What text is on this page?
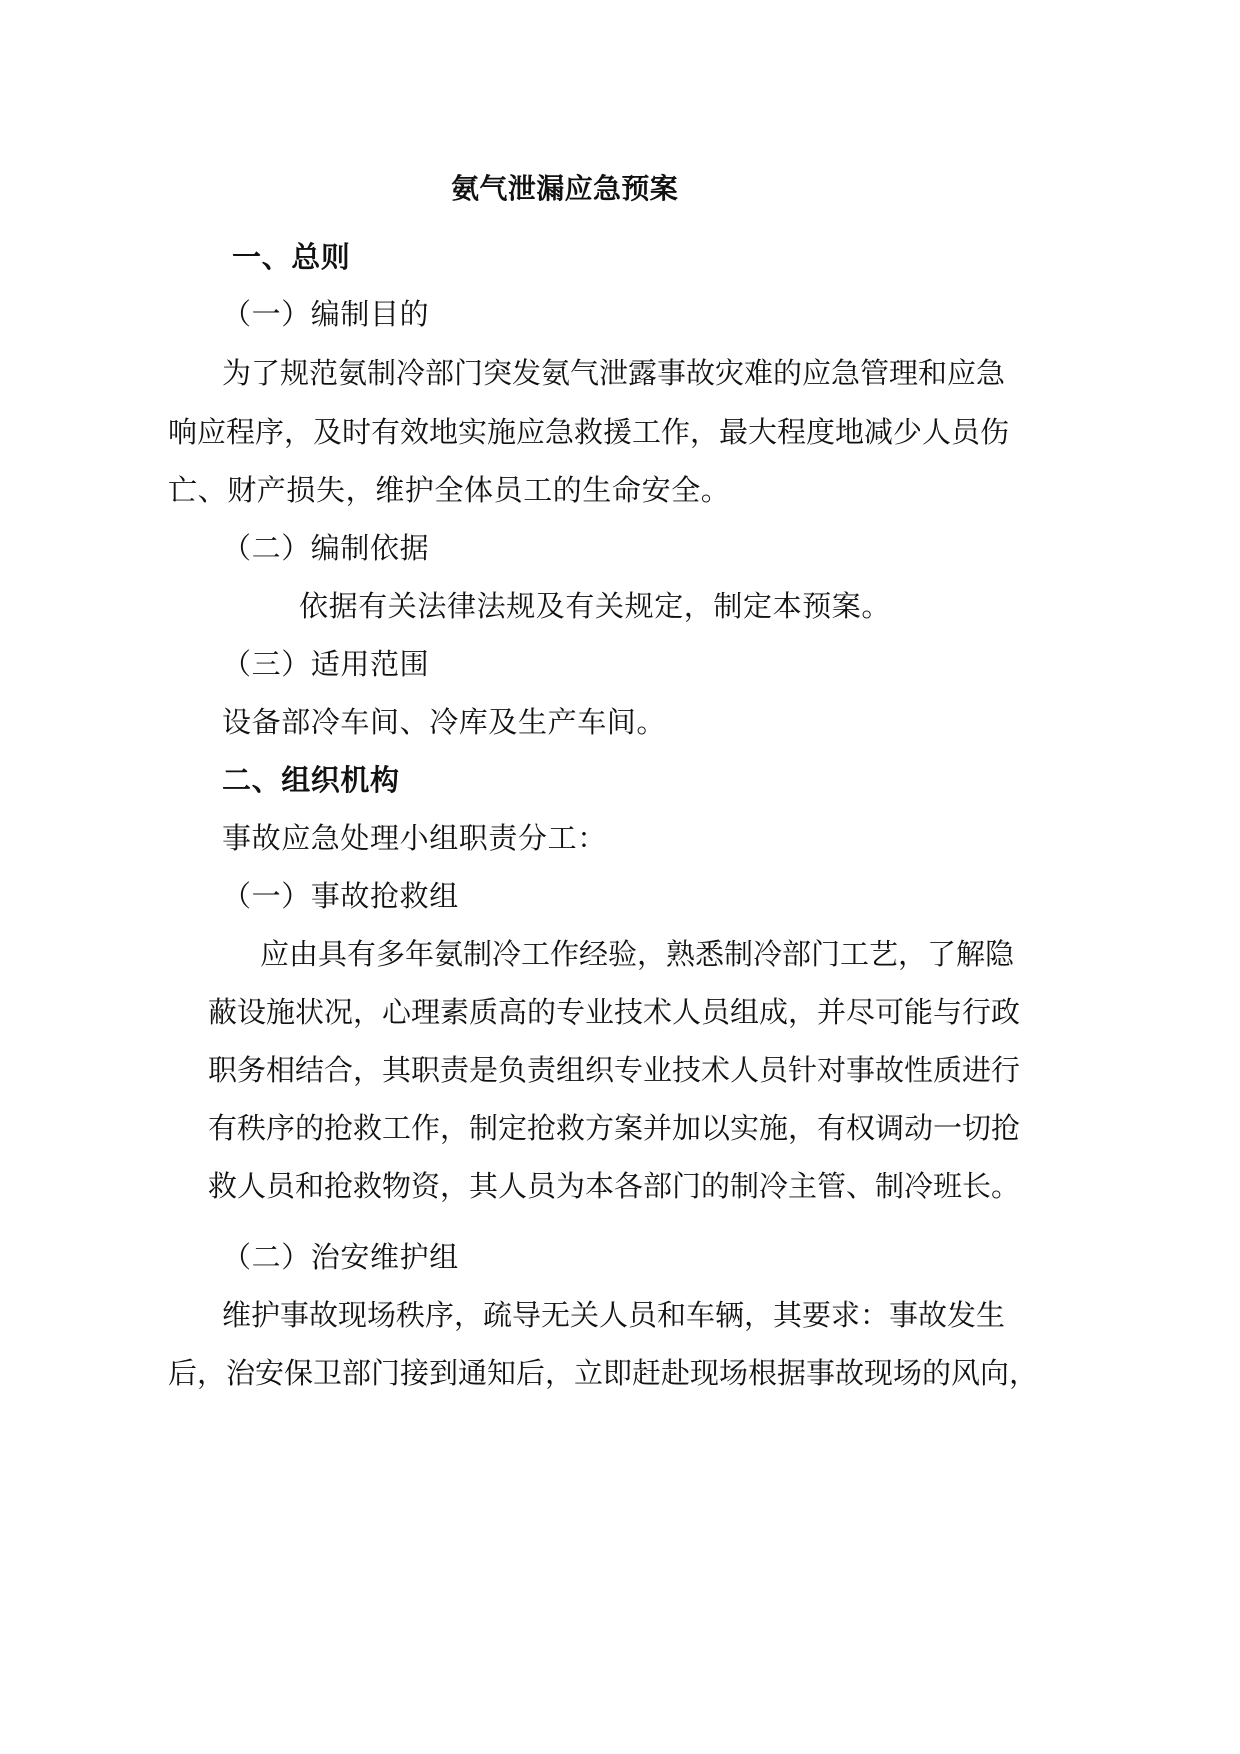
氨气泄漏应急预案
一、总则
（一）编制目的
为了规范氨制冷部门突发氨气泄露事故灾难的应急管理和应急
响应程序，及时有效地实施应急救援工作，最大程度地减少人员伤
亡、财产损失，维护全体员工的生命安全。
（二）编制依据
依据有关法律法规及有关规定，制定本预案。
（三）适用范围
设备部冷车间、冷库及生产车间。
二、组织机构
事故应急处理小组职责分工：
（一）事故抢救组
应由具有多年氨制冷工作经验，熟悉制冷部门工艺，了解隐
蔽设施状况，心理素质高的专业技术人员组成，并尽可能与行政
职务相结合，其职责是负责组织专业技术人员针对事故性质进行
有秩序的抢救工作，制定抢救方案并加以实施，有权调动一切抢
救人员和抢救物资，其人员为本各部门的制冷主管、制冷班长。
（二）治安维护组
维护事故现场秩序，疏导无关人员和车辆，其要求：事故发生
后，治安保卫部门接到通知后，立即赶赴现场根据事故现场的风向，
